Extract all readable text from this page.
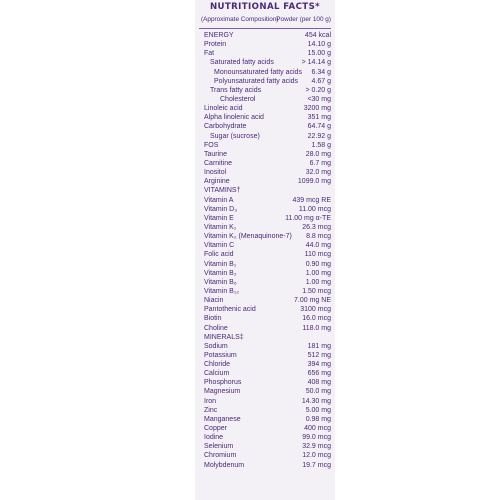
NUTRITIONAL FACTS*
(Approximate Composition)
Powder (per 100 g)
ENERGY	454 kcal
Protein	14.10 g
Fat	15.00 g
Saturated fatty acids	> 14.14 g
Monounsaturated fatty acids 6.34 g
Polyunsaturated fatty acids 4.67 g
Trans fatty acids	> 0.20 g
Cholesterol	<30 mg
Linoleic acid	3200 mg
Alpha linolenic acid	351 mg
Carbohydrate	64.74 g
Sugar (sucrose)	22.92 g
FOS	1.58 g
Taurine	28.0 mg
Carnitine	6.7 mg
Inositol	32.0 mg
Arginine	1099.0 mg
VITAMINS†
Vitamin A	439 mcg RE
Vitamin D₃	11.00 mcg
Vitamin E	11.00 mg α-TE
Vitamin K₁	26.3 mcg
Vitamin K₂ (Menaquinone-7) 8.8 mcg
Vitamin C	44.0 mg
Folic acid	110 mcg
Vitamin B₁	0.90 mg
Vitamin B₂	1.00 mg
Vitamin B₆	1.00 mg
Vitamin B₁₂	1.50 mcg
Niacin	7.00 mg NE
Pantothenic acid	3100 mcg
Biotin	16.0 mcg
Choline	118.0 mg
MINERALS‡
Sodium	181 mg
Potassium	512 mg
Chloride	394 mg
Calcium	656 mg
Phosphorus	408 mg
Magnesium	50.0 mg
Iron	14.30 mg
Zinc	5.00 mg
Manganese	0.98 mg
Copper	400 mcg
Iodine	99.0 mcg
Selenium	32.9 mcg
Chromium	12.0 mcg
Molybdenum	19.7 mcg
